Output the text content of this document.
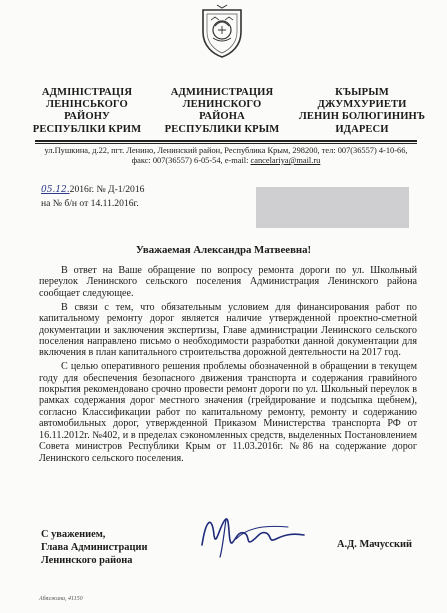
АДМІНІСТРАЦІЯ
ЛЕНІНСЬКОГО
РАЙОНУ
РЕСПУБЛІКИ КРИМ
АДМИНИСТРАЦИЯ
ЛЕНИНСКОГО
РАЙОНА
РЕСПУБЛИКИ КРЫМ
КЪЫРЫМ
ДЖУМХУРИЕТИ
ЛЕНИН БОЛЮГИНИНЪ
ИДАРЕСИ
ул.Пушкина, д.22, пгт. Ленино, Ленинский район, Республика Крым, 298200, тел: 007(36557) 4-10-66,
факс: 007(36557) 6-05-54, e-mail: cancelariya@mail.ru
05.12.2016г. № Д-1/2016
на № б/н от 14.11.2016г.
Уважаемая Александра Матвеевна!

В ответ на Ваше обращение по вопросу ремонта дороги по ул. Школьный переулок Ленинского сельского поселения Администрация Ленинского района сообщает следующее.

В связи с тем, что обязательным условием для финансирования работ по капитальному ремонту дорог является наличие утвержденной проектно-сметной документации и заключения экспертизы, Главе администрации Ленинского сельского поселения направлено письмо о необходимости разработки данной документации для включения в план капитального строительства дорожной деятельности на 2017 год.

С целью оперативного решения проблемы обозначенной в обращении в текущем году для обеспечения безопасного движения транспорта и содержания гравийного покрытия рекомендовано срочно провести ремонт дороги по ул. Школьный переулок в рамках содержания дорог местного значения (грейдирование и подсыпка щебнем), согласно Классификации работ по капитальному ремонту, ремонту и содержанию автомобильных дорог, утвержденной Приказом Министерства транспорта РФ от 16.11.2012г. №402, и в пределах сэкономленных средств, выделенных Постановлением Совета министров Республики Крым от 11.03.2016г. №86 на содержание дорог Ленинского сельского поселения.

С уважением,
Глава Администрации
Ленинского района
А.Д. Мачусский
Абязжина, 41150
